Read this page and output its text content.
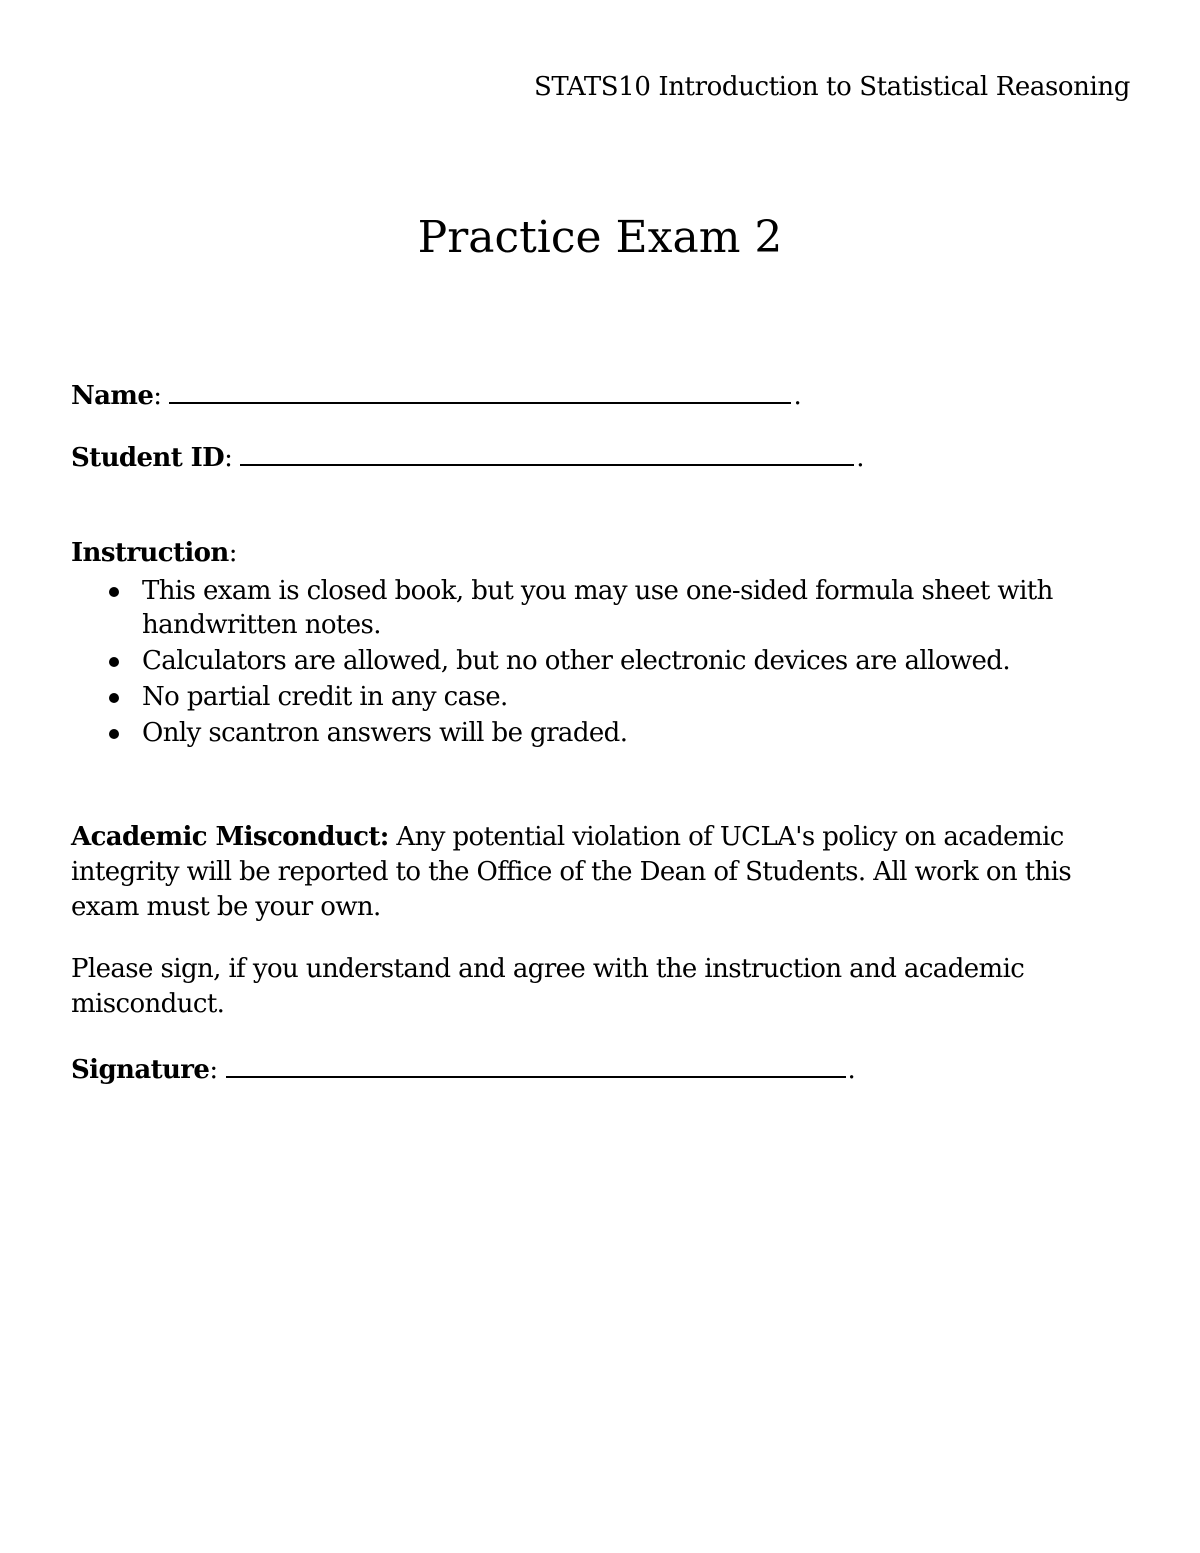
STATS10 Introduction to Statistical Reasoning
Practice Exam 2
Name :	.
Student ID :	.
Instruction:
This exam is closed book, but you may use one-sided formula sheet with handwritten notes.
Calculators are allowed, but no other electronic devices are allowed.
No partial credit in any case.
Only scantron answers will be graded.

Academic Misconduct: Any potential violation of UCLA's policy on academic integrity will be reported to the Office of the Dean of Students. All work on this exam must be your own.

Please sign, if you understand and agree with the instruction and academic misconduct.

Signature :	.
